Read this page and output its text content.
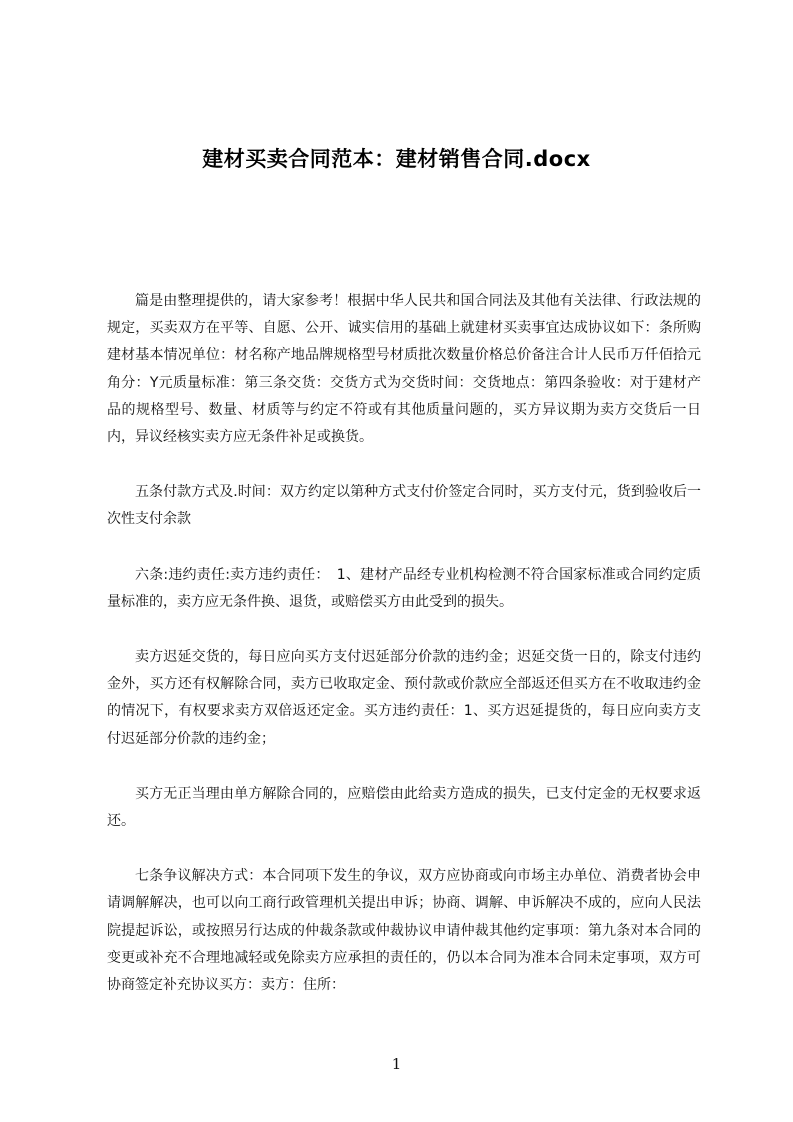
建材买卖合同范本：建材销售合同.docx

篇是由整理提供的，请大家参考！根据中华人民共和国合同法及其他有关法律、行政法规的规定，买卖双方在平等、自愿、公开、诚实信用的基础上就建材买卖事宜达成协议如下：条所购建材基本情况单位：材名称产地品牌规格型号材质批次数量价格总价备注合计人民币万仟佰拾元角分：Y元质量标准：第三条交货：交货方式为交货时间：交货地点：第四条验收：对于建材产品的规格型号、数量、材质等与约定不符或有其他质量问题的，买方异议期为卖方交货后一日内，异议经核实卖方应无条件补足或换货。

五条付款方式及.时间：双方约定以第种方式支付价签定合同时，买方支付元，货到验收后一次性支付余款

六条:违约责任:卖方违约责任：　1、建材产品经专业机构检测不符合国家标准或合同约定质量标准的，卖方应无条件换、退货，或赔偿买方由此受到的损失。

卖方迟延交货的，每日应向买方支付迟延部分价款的违约金；迟延交货一日的，除支付违约金外，买方还有权解除合同，卖方已收取定金、预付款或价款应全部返还但买方在不收取违约金的情况下，有权要求卖方双倍返还定金。买方违约责任：1、买方迟延提货的，每日应向卖方支付迟延部分价款的违约金；

买方无正当理由单方解除合同的，应赔偿由此给卖方造成的损失，已支付定金的无权要求返还。

七条争议解决方式：本合同项下发生的争议，双方应协商或向市场主办单位、消费者协会申请调解解决，也可以向工商行政管理机关提出申诉；协商、调解、申诉解决不成的，应向人民法院提起诉讼，或按照另行达成的仲裁条款或仲裁协议申请仲裁其他约定事项：第九条对本合同的变更或补充不合理地减轻或免除卖方应承担的责任的，仍以本合同为准本合同未定事项，双方可协商签定补充协议买方：卖方：住所：

1
